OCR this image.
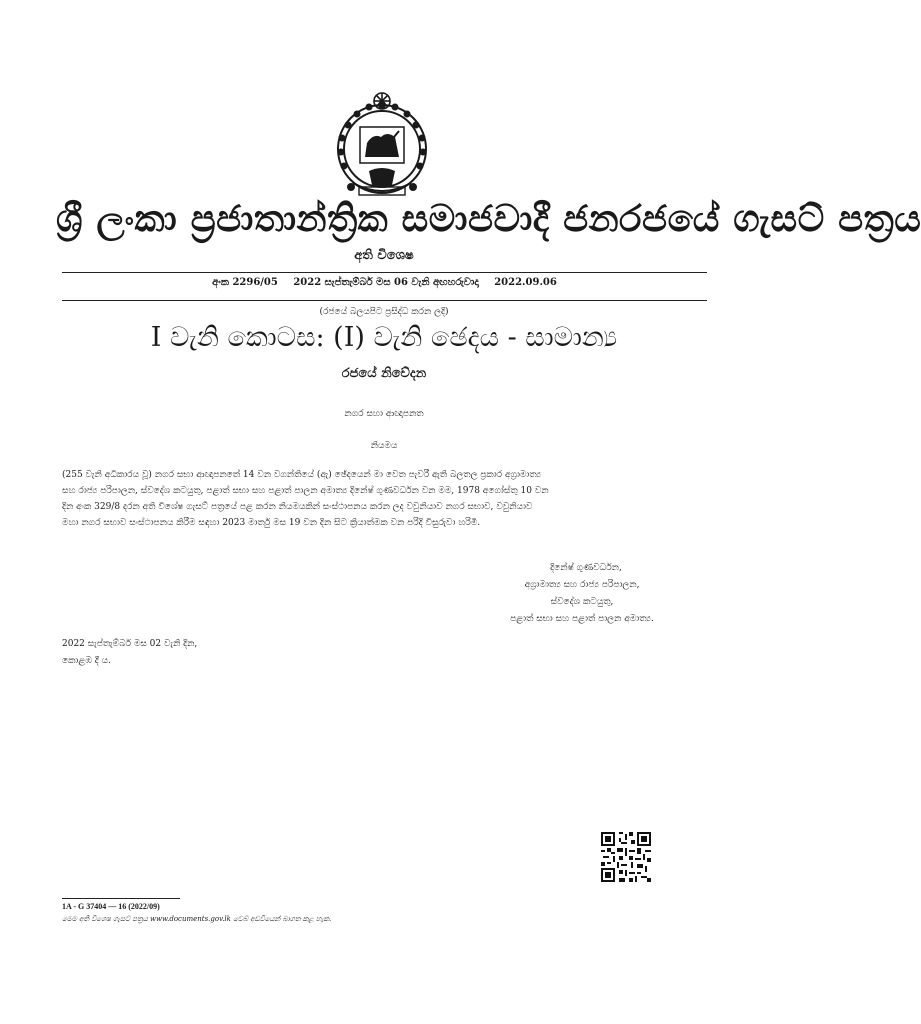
ශ්‍රී ලංකා ප්‍රජාතාන්ත්‍රික සමාජවාදී ජනරජයේ ගැසට් පත්‍රය
අති විශෙෂ
අංක 2296/05 2022 සැප්තැම්බර් මස 06 වැනි අඟහරුවාදා 2022.09.06
(රජයේ බලයපිට ප්‍රසිද්ධ කරන ලදි)
I වැනි කොටස: (I) වැනි ඡෙදය - සාමාන්‍ය
රජයේ නිවේදන
නගර සහා ආඥාපනත
නියමය
(255 වැනි අධිකාරය වූ) නගර සභා ආඥාපනතේ 14 වන වගන්තියේ (ඇ) ඡේදයෙන් මා වෙත පැවරී ඇති බලතල ප්‍රකාර අග්‍රාමාත්‍ය
සහ රාජ්‍ය පරිපාලන, ස්වදේශ කටයුතු, පළාත් සභා සහ පළාත් පාලන අමාත්‍ය දිනේෂ් ගුණවර්ධන වන මම, 1978 අගෝස්තු 10 වන
දින අංක 329/8 දරන අති විශේෂ ගැසට් පත්‍රයේ පළ කරන නියමයකින් සංස්ථාපනය කරන ලද වවුනියාව නගර සභාව, වවුනියාව
මහා නගර සභාව සංස්ථාපනය කිරීම සඳහා 2023 මාර්තු මස 19 වන දින සිට ක්‍රියාත්මක වන පරිදි විසුරුවා හරිමි.
දිනේෂ් ගුණවර්ධන,
අග්‍රාමාත්‍ය සහ රාජ්‍ය පරිපාලන,
ස්වදේශ කටයුතු,
පළාත් සභා සහ පළාත් පාලන අමාත්‍ය.
2022 සැප්තැම්බර් මස 02 වැනි දින,
කොළඹ දී ය.
1A - G 37404 — 16 (2022/09)
මෙම අති විශෙෂ ගැසට් පත්‍රය www.documents.gov.lk වෙබ් අඩවියෙන් බාගත කළ හැක.
